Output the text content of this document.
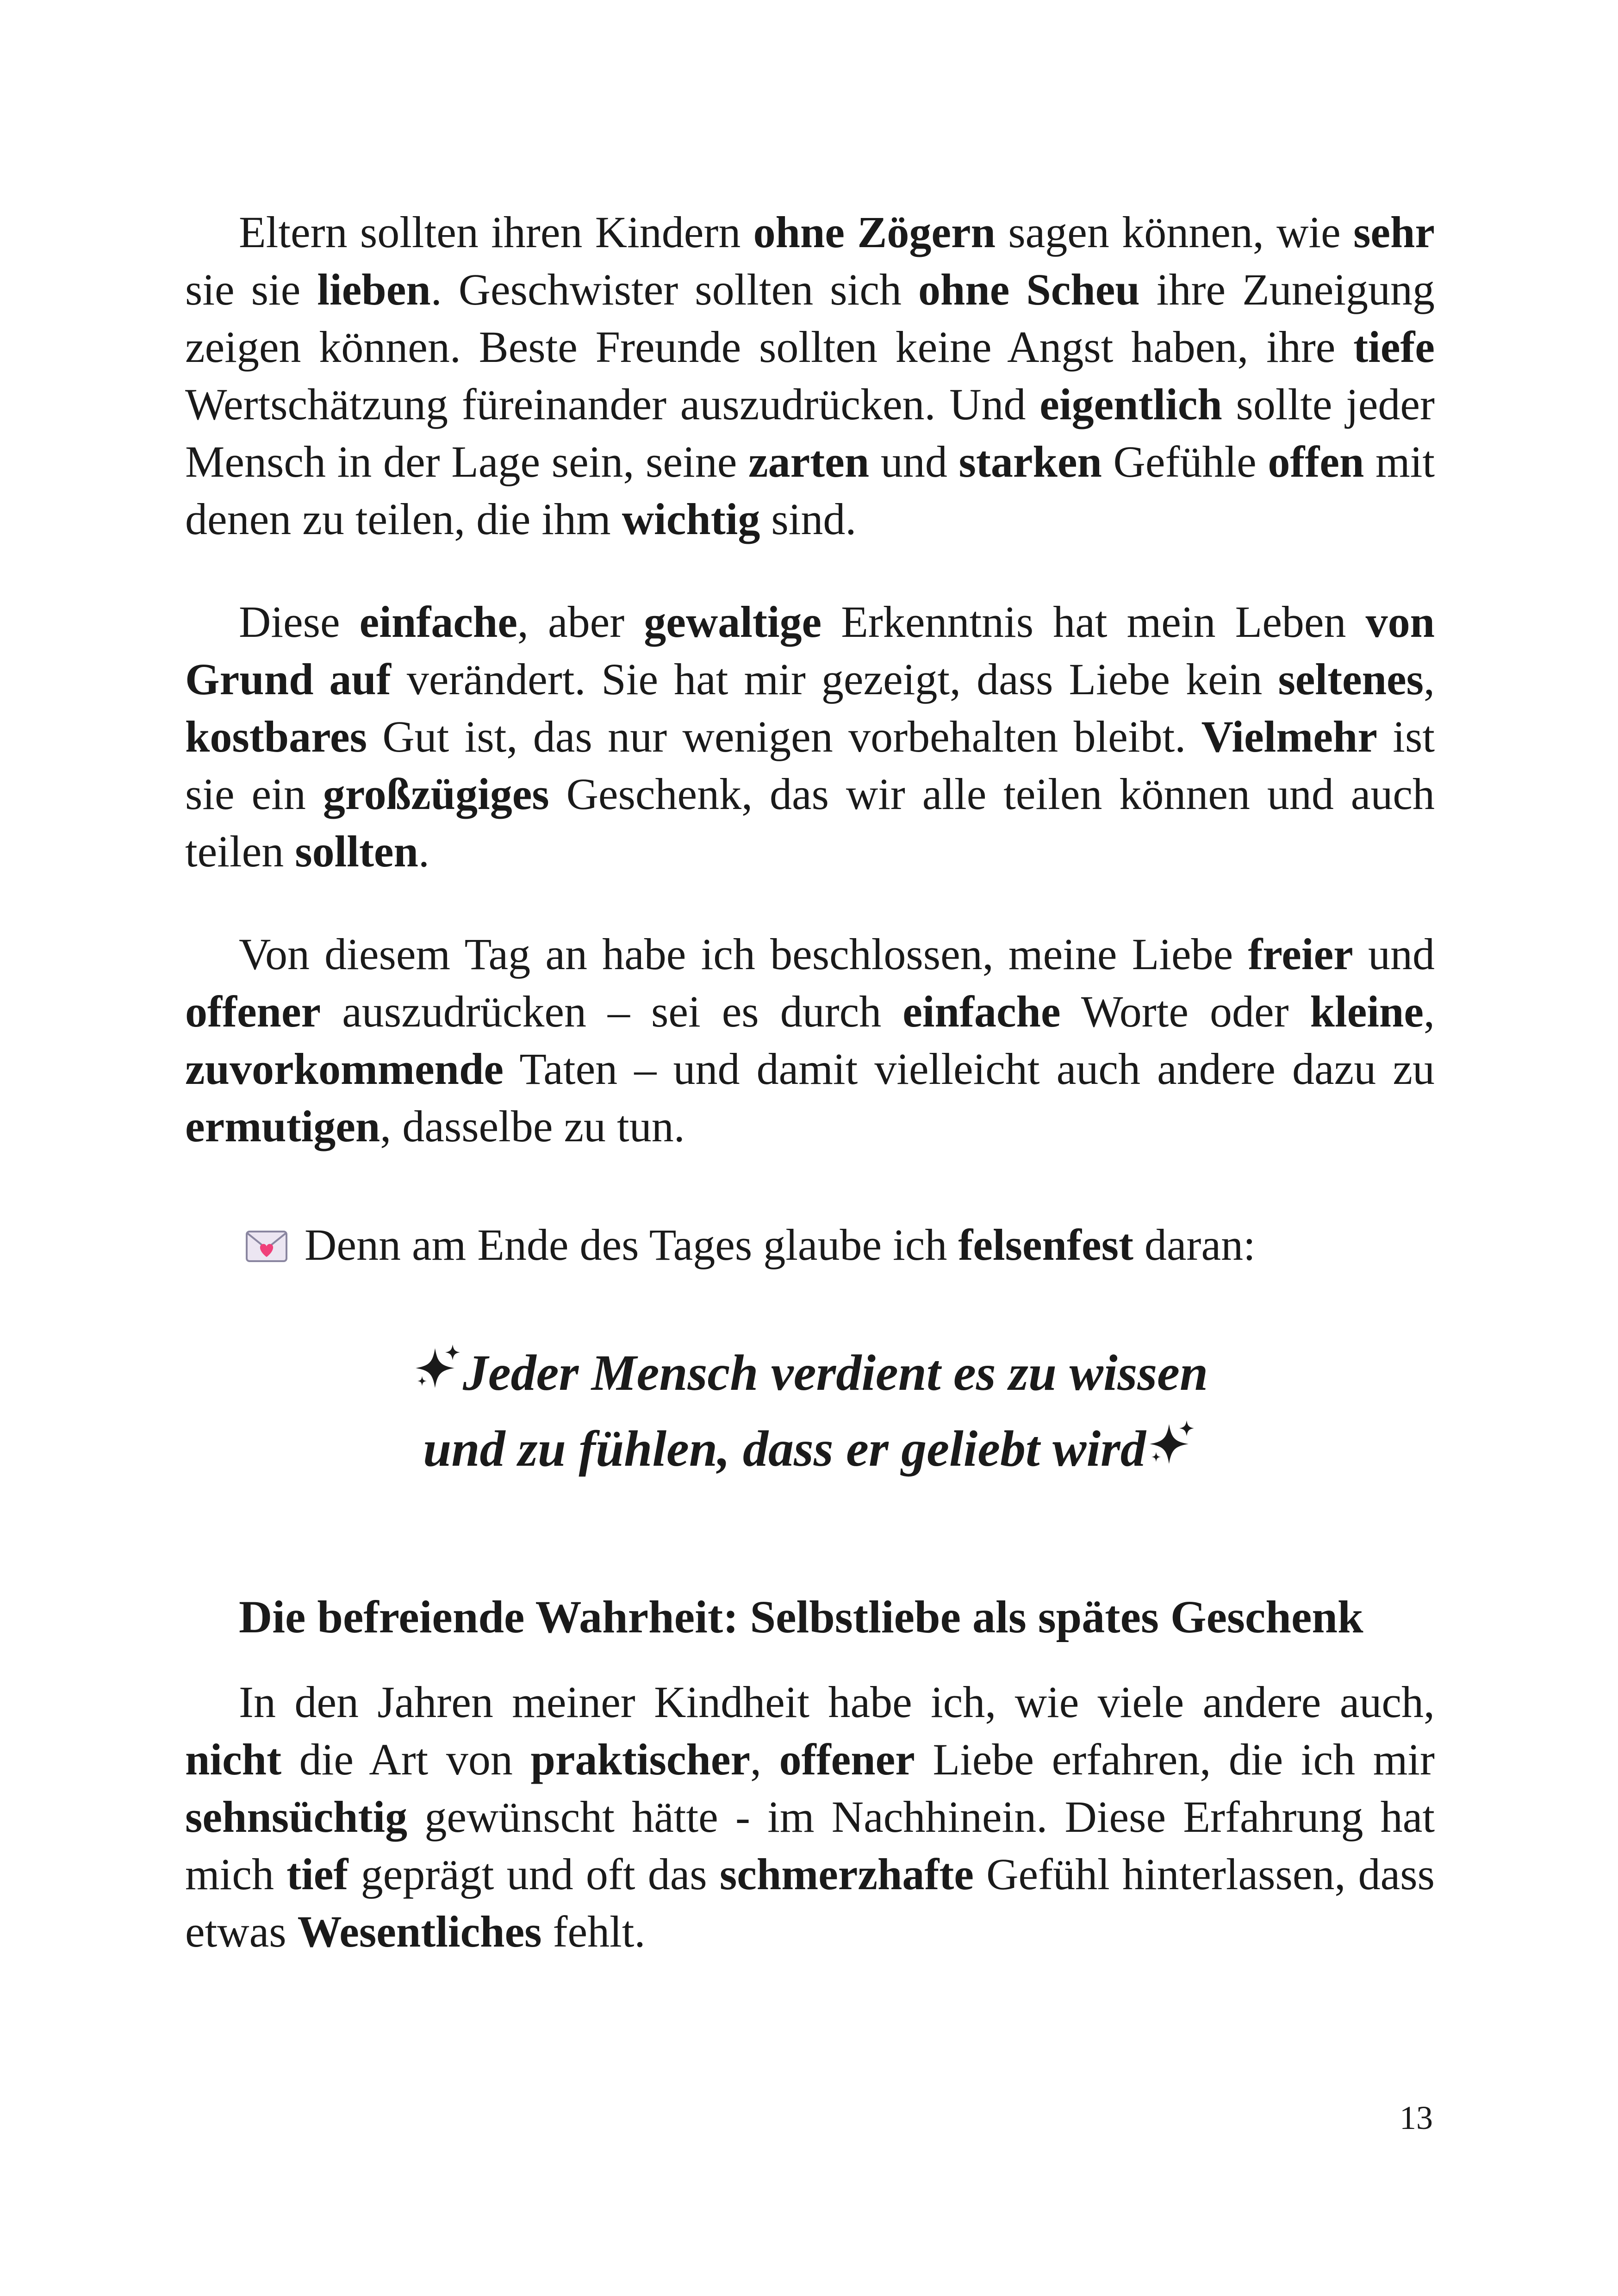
Eltern sollten ihren Kindern ohne Zögern sagen können, wie sehr sie sie lieben. Geschwister sollten sich ohne Scheu ihre Zuneigung zeigen können. Beste Freunde sollten keine Angst haben, ihre tiefe Wertschätzung füreinander auszudrücken. Und eigentlich sollte jeder Mensch in der Lage sein, seine zarten und starken Gefühle offen mit denen zu teilen, die ihm wichtig sind.

Diese einfache, aber gewaltige Erkenntnis hat mein Leben von Grund auf verändert. Sie hat mir gezeigt, dass Liebe kein seltenes, kostbares Gut ist, das nur wenigen vorbehalten bleibt. Vielmehr ist sie ein großzügiges Geschenk, das wir alle teilen können und auch teilen sollten.

Von diesem Tag an habe ich beschlossen, meine Liebe freier und offener auszudrücken – sei es durch einfache Worte oder kleine, zuvorkommende Taten – und damit vielleicht auch andere dazu zu ermutigen, dasselbe zu tun.

Denn am Ende des Tages glaube ich felsenfest daran:

Jeder Mensch verdient es zu wissen
und zu fühlen, dass er geliebt wird
Die befreiende Wahrheit: Selbstliebe als spätes Geschenk

In den Jahren meiner Kindheit habe ich, wie viele andere auch, nicht die Art von praktischer, offener Liebe erfahren, die ich mir sehnsüchtig gewünscht hätte - im Nachhinein. Diese Erfahrung hat mich tief geprägt und oft das schmerzhafte Gefühl hinterlassen, dass etwas Wesentliches fehlt.

13
